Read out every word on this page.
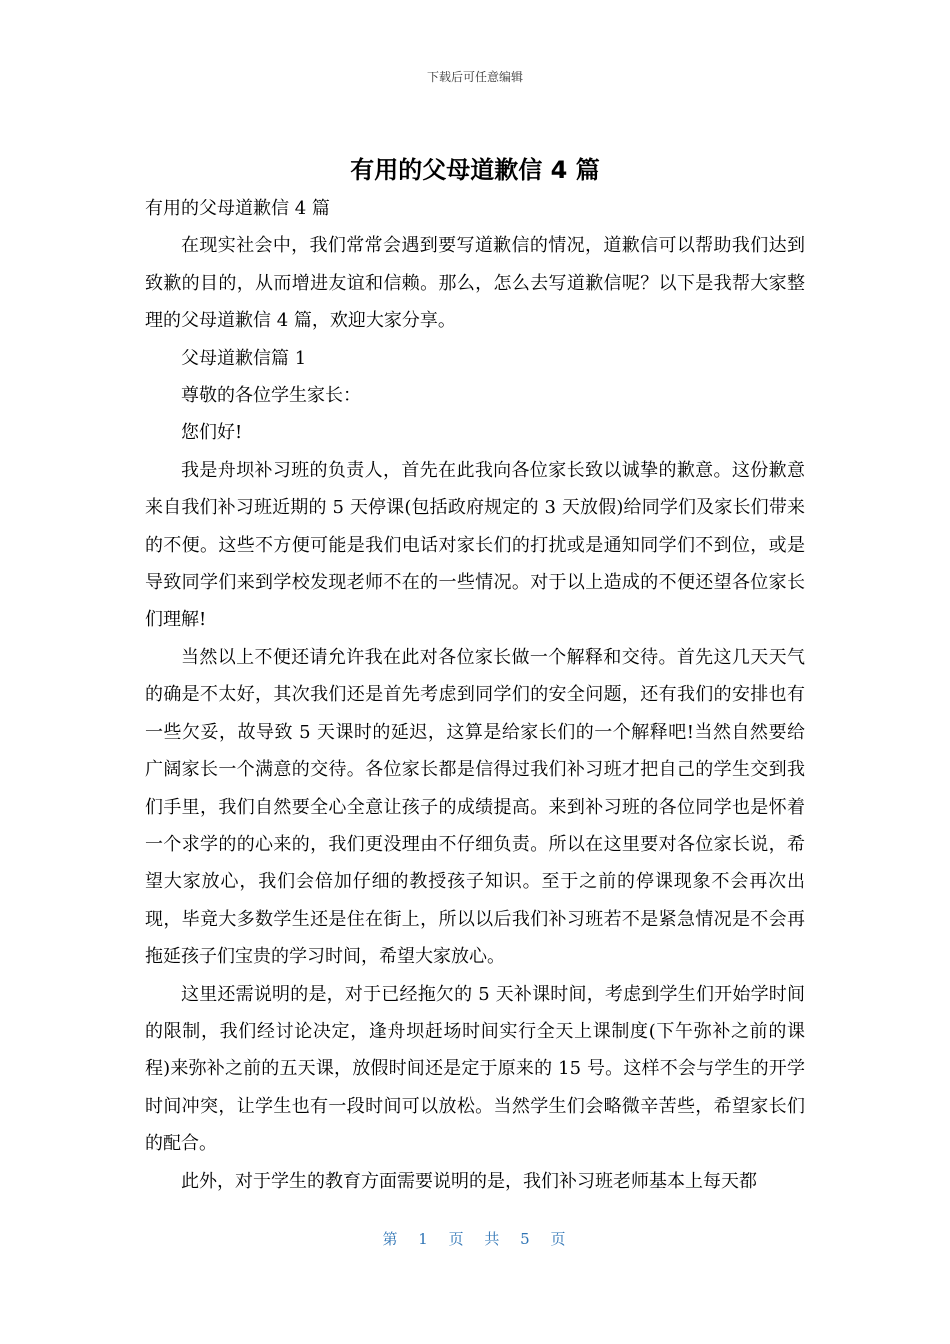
下载后可任意编辑
有用的父母道歉信 4 篇

有用的父母道歉信 4 篇

在现实社会中，我们常常会遇到要写道歉信的情况，道歉信可以帮助我们达到致歉的目的，从而增进友谊和信赖。那么，怎么去写道歉信呢？以下是我帮大家整理的父母道歉信 4 篇，欢迎大家分享。

父母道歉信篇 1

尊敬的各位学生家长：

您们好!

我是舟坝补习班的负责人，首先在此我向各位家长致以诚挚的歉意。这份歉意来自我们补习班近期的 5 天停课(包括政府规定的 3 天放假)给同学们及家长们带来的不便。这些不方便可能是我们电话对家长们的打扰或是通知同学们不到位，或是导致同学们来到学校发现老师不在的一些情况。对于以上造成的不便还望各位家长们理解!

当然以上不便还请允许我在此对各位家长做一个解释和交待。首先这几天天气的确是不太好，其次我们还是首先考虑到同学们的安全问题，还有我们的安排也有一些欠妥，故导致 5 天课时的延迟，这算是给家长们的一个解释吧!当然自然要给广阔家长一个满意的交待。各位家长都是信得过我们补习班才把自己的学生交到我们手里，我们自然要全心全意让孩子的成绩提高。来到补习班的各位同学也是怀着一个求学的的心来的，我们更没理由不仔细负责。所以在这里要对各位家长说，希望大家放心，我们会倍加仔细的教授孩子知识。至于之前的停课现象不会再次出现，毕竟大多数学生还是住在街上，所以以后我们补习班若不是紧急情况是不会再拖延孩子们宝贵的学习时间，希望大家放心。

这里还需说明的是，对于已经拖欠的 5 天补课时间，考虑到学生们开始学时间的限制，我们经讨论决定，逢舟坝赶场时间实行全天上课制度(下午弥补之前的课程)来弥补之前的五天课，放假时间还是定于原来的 15 号。这样不会与学生的开学时间冲突，让学生也有一段时间可以放松。当然学生们会略微辛苦些，希望家长们的配合。

此外，对于学生的教育方面需要说明的是，我们补习班老师基本上每天都

第 1 页 共 5 页
